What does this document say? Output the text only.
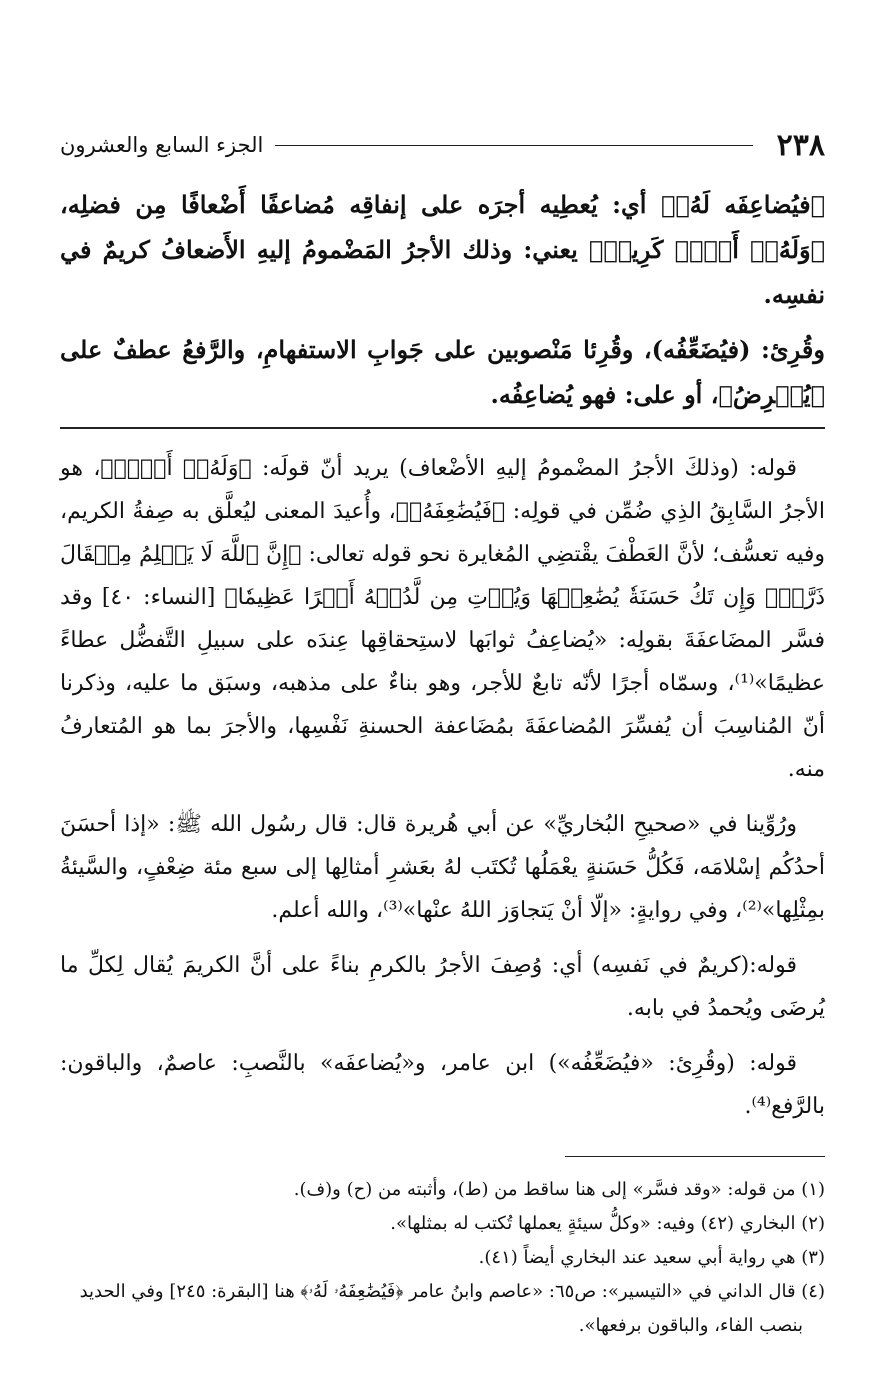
٢٣٨
الجزء السابع والعشرون

﴿فيُضاعِفَه لَهُۥ﴾ أي: يُعطِيه أجرَه على إنفاقِه مُضاعفًا أَضْعافًا مِن فضلِه، ﴿وَلَهُۥٓ أَجۡرٞ كَرِيمٞ﴾ يعني: وذلك الأجرُ المَضْمومُ إليهِ الأَضعافُ كريمٌ في نفسِه.

وقُرِئ: (فيُضَعِّفُه)، وقُرِئا مَنْصوبين على جَوابِ الاستفهامِ، والرَّفعُ عطفٌ على ﴿يُقۡرِضُ﴾، أو على: فهو يُضاعِفُه.

قوله: (وذلكَ الأجرُ المضْمومُ إليهِ الأضْعاف) يريد أنّ قولَه: ﴿وَلَهُۥٓ أَجۡرٞ﴾، هو الأجرُ السَّابِقُ الذِي ضُمِّن في قولِه: ﴿فَيُضَٰعِفَهُۥ﴾، وأُعيدَ المعنى ليُعلَّق به صِفةُ الكريم، وفيه تعسُّف؛ لأنَّ العَطْفَ يقْتضِي المُغايرة نحو قوله تعالى: ﴿إِنَّ ٱللَّهَ لَا يَظۡلِمُ مِثۡقَالَ ذَرَّةٖۖ وَإِن تَكُ حَسَنَةٗ يُضَٰعِفۡهَا وَيُؤۡتِ مِن لَّدُنۡهُ أَجۡرًا عَظِيمٗا﴾ [النساء: ٤٠] وقد فسَّر المضَاعفَةَ بقولِه: «يُضاعِفُ ثوابَها لاستِحقاقِها عِندَه على سبيلِ التَّفضُّل عطاءً عظيمًا»⁽¹⁾، وسمّاه أجرًا لأنّه تابعٌ للأجر، وهو بناءٌ على مذهبه، وسبَق ما عليه، وذكرنا أنّ المُناسِبَ أن يُفسِّرَ المُضاعفَةَ بمُضَاعفة الحسنةِ نَفْسِها، والأجرَ بما هو المُتعارفُ منه.

ورُوِّينا في «صحيحِ البُخاريِّ» عن أبي هُريرة قال: قال رسُول الله ﷺ: «إذا أحسَنَ أحدُكُم إسْلامَه، فَكُلُّ حَسَنةٍ يعْمَلُها تُكتَب لهُ بعَشرِ أمثالِها إلى سبع مئة ضِعْفٍ، والسَّيئةُ بمِثْلِها»⁽²⁾، وفي روايةٍ: «إلّا أنْ يَتجاوَز اللهُ عنْها»⁽³⁾، والله أعلم.

قوله:(كريمٌ في نَفسِه) أي: وُصِفَ الأجرُ بالكرمِ بناءً على أنَّ الكريمَ يُقال لِكلِّ ما يُرضَى ويُحمدُ في بابه.

قوله: (وقُرِئ: «فيُضَعِّفُه») ابن عامر، و«يُضاعفَه» بالنَّصبِ: عاصمٌ، والباقون: بالرَّفع⁽⁴⁾.

(١) من قوله: «وقد فسَّر» إلى هنا ساقط من (ط)، وأثبته من (ح) و(ف).

(٢) البخاري (٤٢) وفيه: «وكلُّ سيئةٍ يعملها تُكتب له بمثلها».

(٣) هي رواية أبي سعيد عند البخاري أيضاً (٤١).

(٤) قال الداني في «التيسير»: ص٦٥: «عاصم وابنُ عامر ﴿فَيُضَٰعِفَهُۥ لَهُۥ﴾ هنا [البقرة: ٢٤٥] وفي الحديد

بنصب الفاء، والباقون برفعها».
